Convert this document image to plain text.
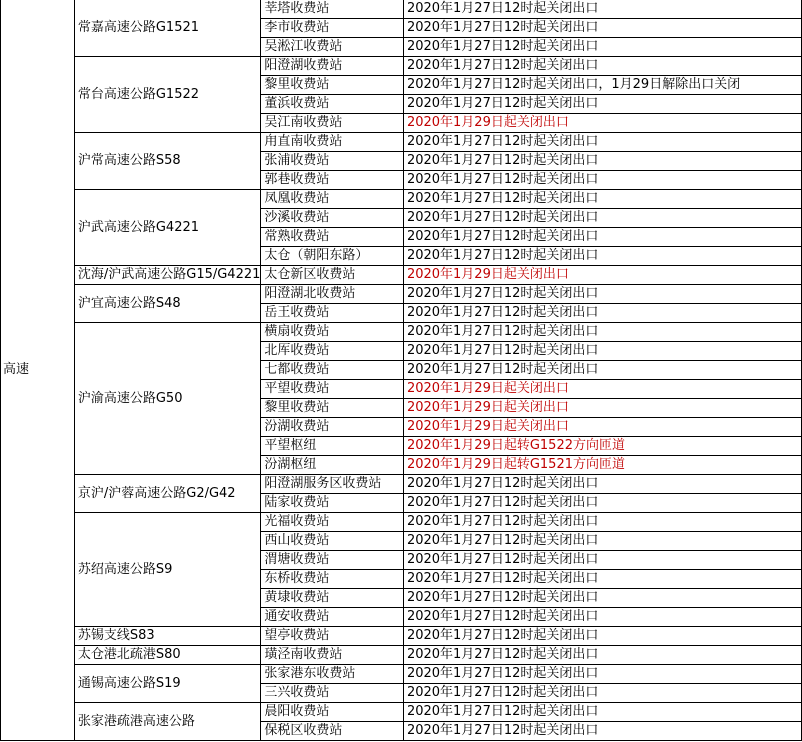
高速	常嘉高速公路G1521	莘塔收费站	2020年1月27日12时起关闭出口
		李市收费站	2020年1月27日12时起关闭出口
		吴淞江收费站	2020年1月27日12时起关闭出口
	常台高速公路G1522	阳澄湖收费站	2020年1月27日12时起关闭出口
		黎里收费站	2020年1月27日12时起关闭出口，1月29日解除出口关闭
		董浜收费站	2020年1月27日12时起关闭出口
		吴江南收费站	2020年1月29日起关闭出口
	沪常高速公路S58	甪直南收费站	2020年1月27日12时起关闭出口
		张浦收费站	2020年1月27日12时起关闭出口
		郭巷收费站	2020年1月27日12时起关闭出口
	沪武高速公路G4221	凤凰收费站	2020年1月27日12时起关闭出口
		沙溪收费站	2020年1月27日12时起关闭出口
		常熟收费站	2020年1月27日12时起关闭出口
		太仓（朝阳东路）	2020年1月27日12时起关闭出口
	沈海/沪武高速公路G15/G4221	太仓新区收费站	2020年1月29日起关闭出口
	沪宜高速公路S48	阳澄湖北收费站	2020年1月27日12时起关闭出口
		岳王收费站	2020年1月27日12时起关闭出口
	沪渝高速公路G50	横扇收费站	2020年1月27日12时起关闭出口
		北厍收费站	2020年1月27日12时起关闭出口
		七都收费站	2020年1月27日12时起关闭出口
		平望收费站	2020年1月29日起关闭出口
		黎里收费站	2020年1月29日起关闭出口
		汾湖收费站	2020年1月29日起关闭出口
		平望枢纽	2020年1月29日起转G1522方向匝道
		汾湖枢纽	2020年1月29日起转G1521方向匝道
	京沪/沪蓉高速公路G2/G42	阳澄湖服务区收费站	2020年1月27日12时起关闭出口
		陆家收费站	2020年1月27日12时起关闭出口
	苏绍高速公路S9	光福收费站	2020年1月27日12时起关闭出口
		西山收费站	2020年1月27日12时起关闭出口
		渭塘收费站	2020年1月27日12时起关闭出口
		东桥收费站	2020年1月27日12时起关闭出口
		黄埭收费站	2020年1月27日12时起关闭出口
		通安收费站	2020年1月27日12时起关闭出口
	苏锡支线S83	望亭收费站	2020年1月27日12时起关闭出口
	太仓港北疏港S80	璜泾南收费站	2020年1月27日12时起关闭出口
	通锡高速公路S19	张家港东收费站	2020年1月27日12时起关闭出口
		三兴收费站	2020年1月27日12时起关闭出口
	张家港疏港高速公路	晨阳收费站	2020年1月27日12时起关闭出口
		保税区收费站	2020年1月27日12时起关闭出口
